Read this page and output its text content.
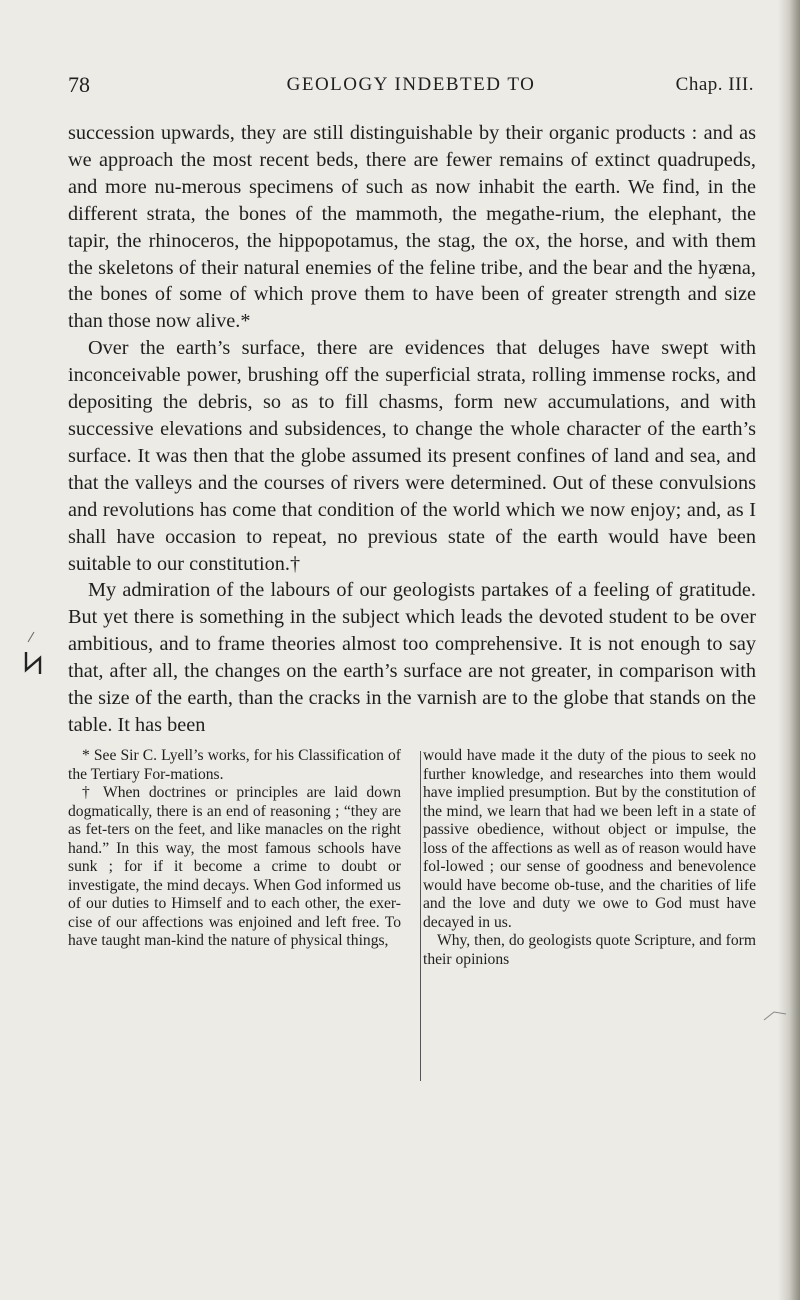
78	GEOLOGY INDEBTED TO	Chap. III.

succession upwards, they are still distinguishable by their organic products : and as we approach the most recent beds, there are fewer remains of extinct quadrupeds, and more nu-merous specimens of such as now inhabit the earth. We find, in the different strata, the bones of the mammoth, the megathe-rium, the elephant, the tapir, the rhinoceros, the hippopotamus, the stag, the ox, the horse, and with them the skeletons of their natural enemies of the feline tribe, and the bear and the hyæna, the bones of some of which prove them to have been of greater strength and size than those now alive.*

Over the earth’s surface, there are evidences that deluges have swept with inconceivable power, brushing off the superficial strata, rolling immense rocks, and depositing the debris, so as to fill chasms, form new accumulations, and with successive elevations and subsidences, to change the whole character of the earth’s surface. It was then that the globe assumed its present confines of land and sea, and that the valleys and the courses of rivers were determined. Out of these convulsions and revolutions has come that condition of the world which we now enjoy; and, as I shall have occasion to repeat, no previous state of the earth would have been suitable to our constitution.†

My admiration of the labours of our geologists partakes of a feeling of gratitude. But yet there is something in the subject which leads the devoted student to be over ambitious, and to frame theories almost too comprehensive. It is not enough to say that, after all, the changes on the earth’s surface are not greater, in comparison with the size of the earth, than the cracks in the varnish are to the globe that stands on the table. It has been

* See Sir C. Lyell’s works, for his Classification of the Tertiary For-mations.

† When doctrines or principles are laid down dogmatically, there is an end of reasoning ; “they are as fet-ters on the feet, and like manacles on the right hand.” In this way, the most famous schools have sunk ; for if it become a crime to doubt or investigate, the mind decays. When God informed us of our duties to Himself and to each other, the exer-cise of our affections was enjoined and left free. To have taught man-kind the nature of physical things,

would have made it the duty of the pious to seek no further knowledge, and researches into them would have implied presumption. But by the constitution of the mind, we learn that had we been left in a state of passive obedience, without object or impulse, the loss of the affections as well as of reason would have fol-lowed ; our sense of goodness and benevolence would have become ob-tuse, and the charities of life and the love and duty we owe to God must have decayed in us.

Why, then, do geologists quote Scripture, and form their opinions
